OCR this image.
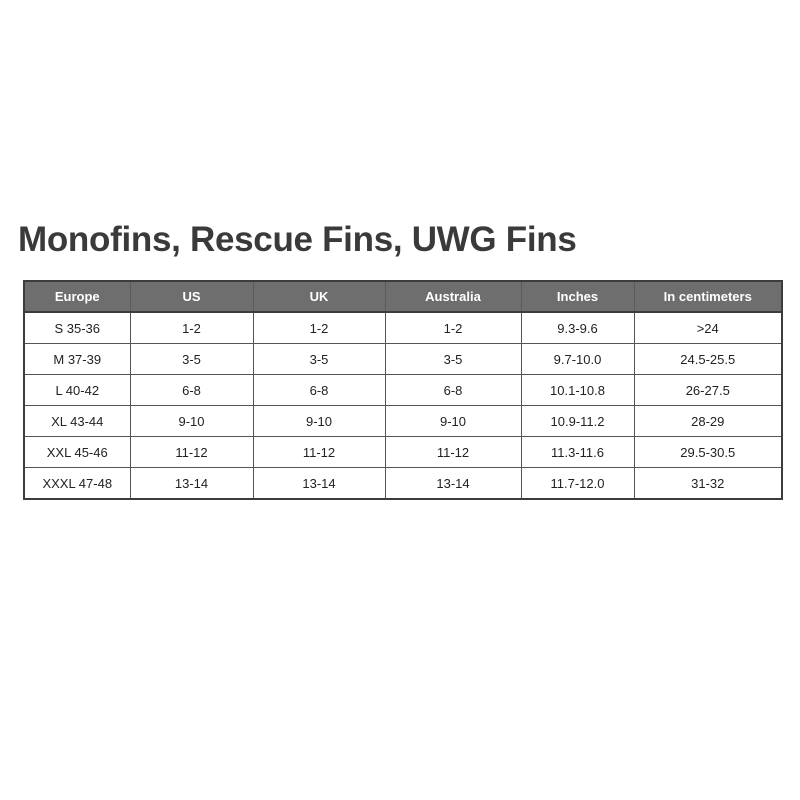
Monofins, Rescue Fins, UWG Fins
Europe	US	UK	Australia	Inches	In centimeters
S 35-36	1-2	1-2	1-2	9.3-9.6	>24
M 37-39	3-5	3-5	3-5	9.7-10.0	24.5-25.5
L 40-42	6-8	6-8	6-8	10.1-10.8	26-27.5
XL 43-44	9-10	9-10	9-10	10.9-11.2	28-29
XXL 45-46	11-12	11-12	11-12	11.3-11.6	29.5-30.5
XXXL 47-48	13-14	13-14	13-14	11.7-12.0	31-32
